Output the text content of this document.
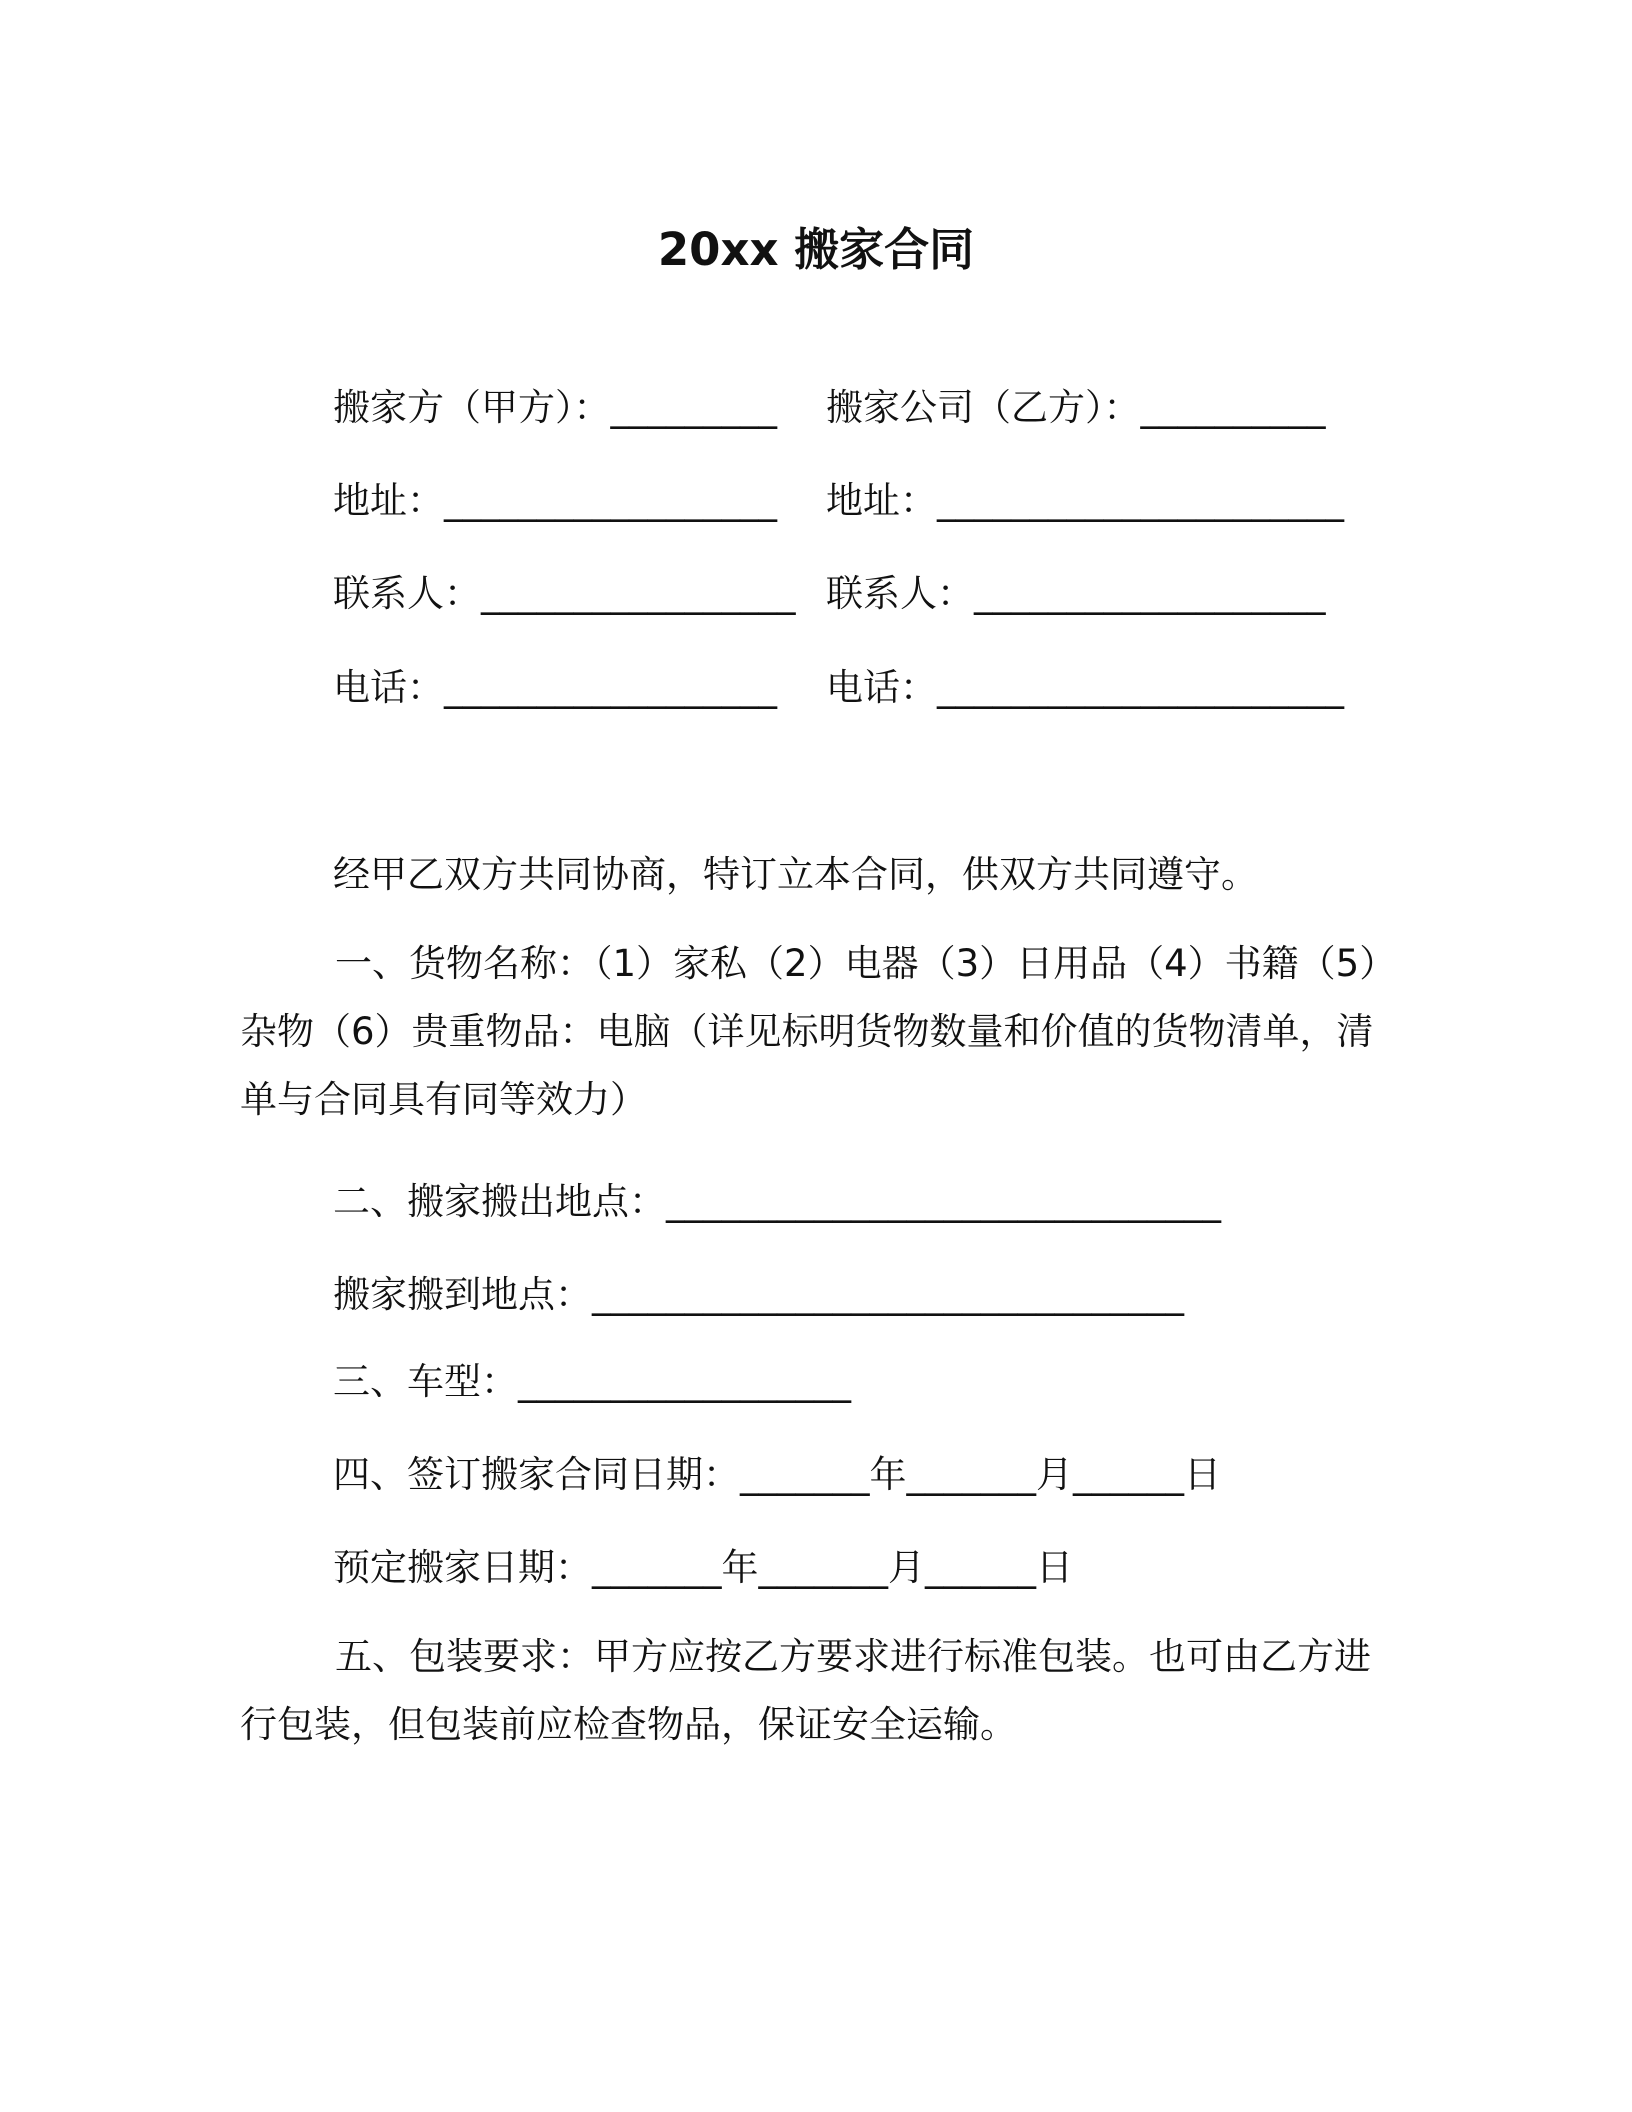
20xx 搬家合同
搬家方（甲方）：_________ 搬家公司（乙方）：__________
地址：__________________ 地址：______________________
联系人：_________________ 联系人：___________________
电话：__________________ 电话：______________________
经甲乙双方共同协商，特订立本合同，供双方共同遵守。
一、货物名称：（1）家私（2）电器（3）日用品（4）书籍（5）杂物（6）贵重物品：电脑（详见标明货物数量和价值的货物清单，清单与合同具有同等效力）
二、搬家搬出地点：______________________________
搬家搬到地点：________________________________
三、车型：__________________
四、签订搬家合同日期：_______年_______月______日
预定搬家日期：_______年_______月______日
五、包装要求：甲方应按乙方要求进行标准包装。也可由乙方进行包装，但包装前应检查物品，保证安全运输。
